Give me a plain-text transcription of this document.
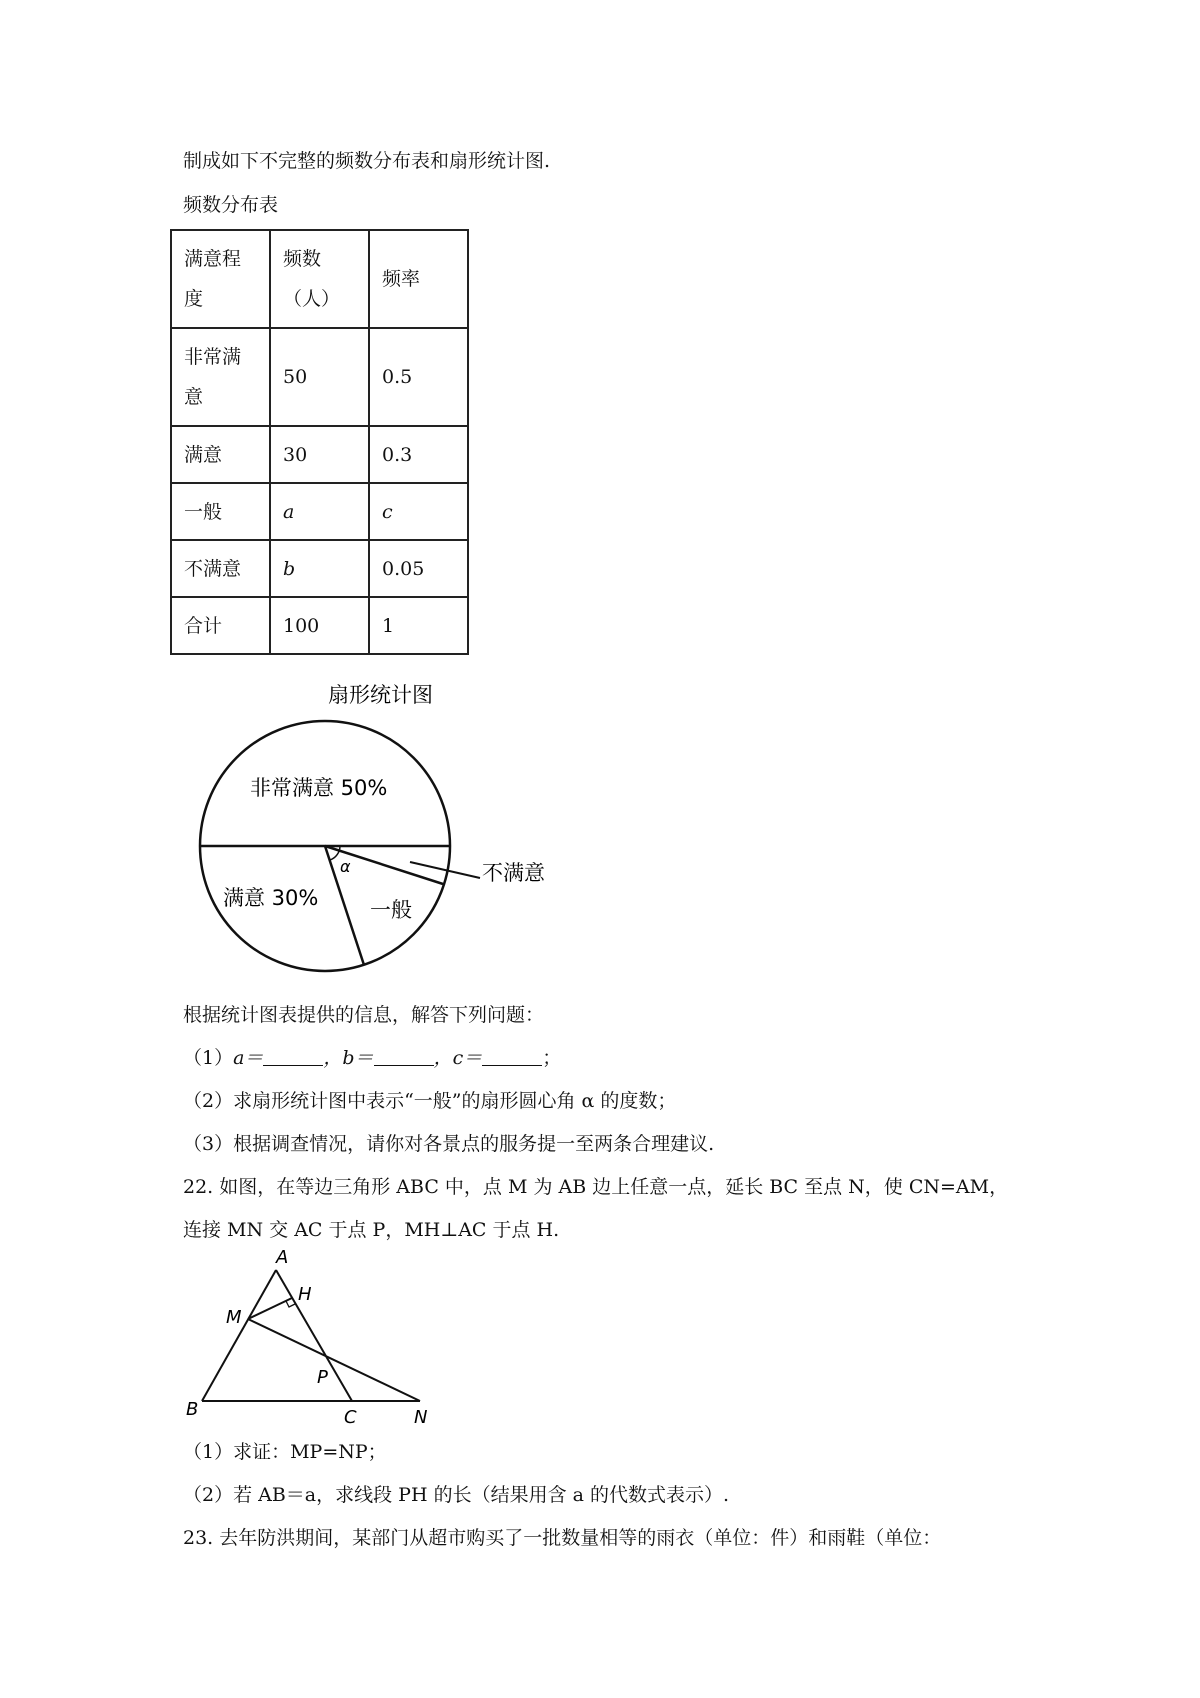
制成如下不完整的频数分布表和扇形统计图.
频数分布表
满意程度	频数（人）	频率

非常满意	50	0.5
满意	30	0.3
一般	a	c
不满意	b	0.05
合计	100	1
扇形统计图
α
非常满意 50%
满意 30% 一般
不满意
根据统计图表提供的信息，解答下列问题：
（1）a＝	，b＝	，c＝	；
（2）求扇形统计图中表示“一般”的扇形圆心角 α 的度数；
（3）根据调查情况，请你对各景点的服务提一至两条合理建议.
22. 如图，在等边三角形 ABC 中，点 M 为 AB 边上任意一点，延长 BC 至点 N，使 CN=AM，
连接 MN 交 AC 于点 P，MH⊥AC 于点 H.
A
H
M
P
B	C	N
（1）求证：MP=NP；
（2）若 AB＝a，求线段 PH 的长（结果用含 a 的代数式表示）.
23. 去年防洪期间，某部门从超市购买了一批数量相等的雨衣（单位：件）和雨鞋（单位：
